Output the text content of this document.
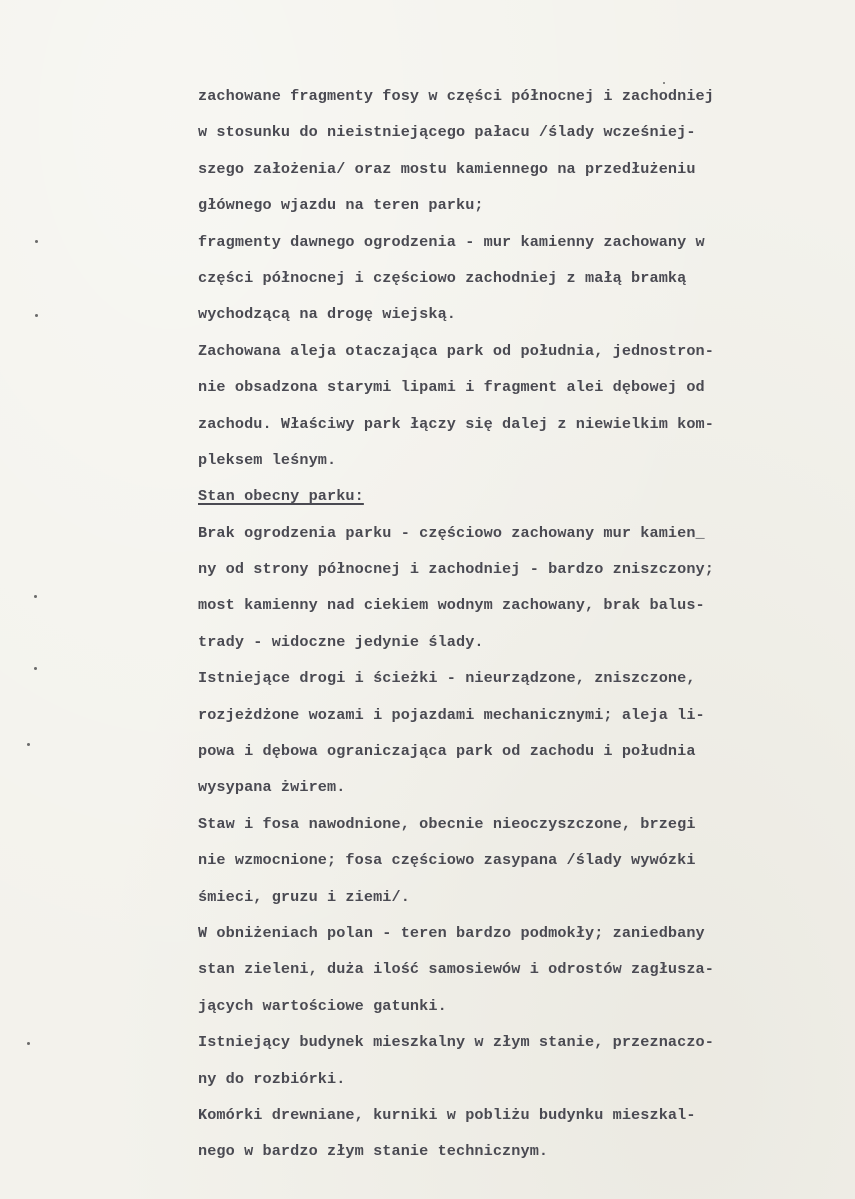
zachowane fragmenty fosy w części północnej i zachodniej
w stosunku do nieistniejącego pałacu /ślady wcześniej-
szego założenia/ oraz mostu kamiennego na przedłużeniu
głównego wjazdu na teren parku;
fragmenty dawnego ogrodzenia - mur kamienny zachowany w
części północnej i częściowo zachodniej z małą bramką
wychodzącą na drogę wiejską.
Zachowana aleja otaczająca park od południa, jednostron-
nie obsadzona starymi lipami i fragment alei dębowej od
zachodu. Właściwy park łączy się dalej z niewielkim kom-
pleksem leśnym.
Stan obecny parku:
Brak ogrodzenia parku - częściowo zachowany mur kamien_
ny od strony północnej i zachodniej - bardzo zniszczony;
most kamienny nad ciekiem wodnym zachowany, brak balus-
trady - widoczne jedynie ślady.
Istniejące drogi i ścieżki - nieurządzone, zniszczone,
rozjeżdżone wozami i pojazdami mechanicznymi; aleja li-
powa i dębowa ograniczająca park od zachodu i południa
wysypana żwirem.
Staw i fosa nawodnione, obecnie nieoczyszczone, brzegi
nie wzmocnione; fosa częściowo zasypana /ślady wywózki
śmieci, gruzu i ziemi/.
W obniżeniach polan - teren bardzo podmokły; zaniedbany
stan zieleni, duża ilość samosiewów i odrostów zagłusza-
jących wartościowe gatunki.
Istniejący budynek mieszkalny w złym stanie, przeznaczo-
ny do rozbiórki.
Komórki drewniane, kurniki w pobliżu budynku mieszkal-
nego w bardzo złym stanie technicznym.
